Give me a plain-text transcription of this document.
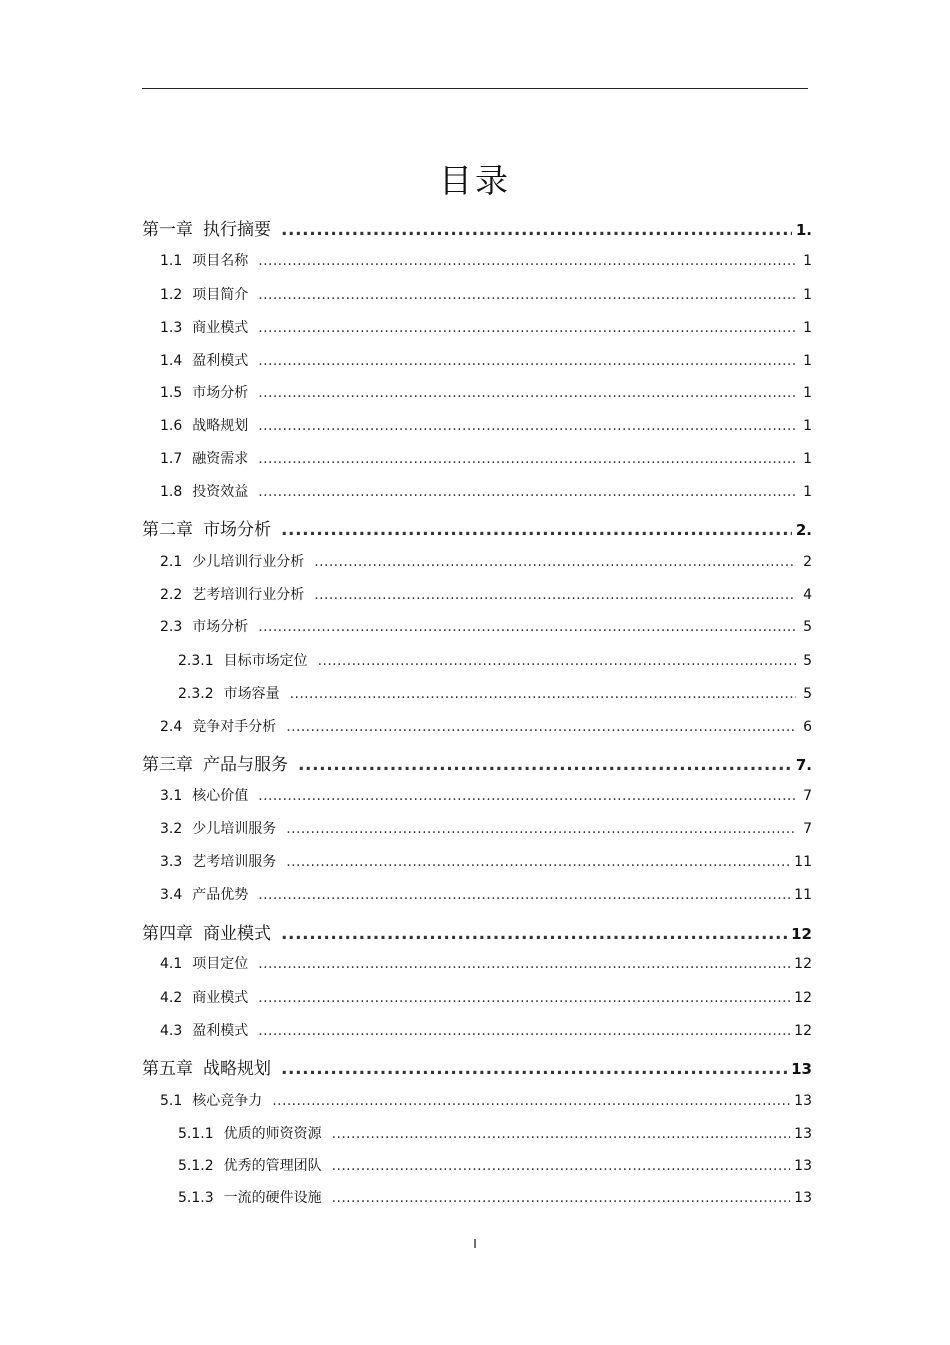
目录
第一章 执行摘要 .....	1.
1.1 项目名称 .....	1
1.2 项目简介 .....	1
1.3 商业模式 .....	1
1.4 盈利模式 .....	1
1.5 市场分析 .....	1
1.6 战略规划 .....	1
1.7 融资需求 .....	1
1.8 投资效益 .....	1
第二章 市场分析 .....	2.
2.1 少儿培训行业分析 .....	2
2.2 艺考培训行业分析 .....	4
2.3 市场分析 .....	5
2.3.1 目标市场定位 .....	5
2.3.2 市场容量 .....	5
2.4 竞争对手分析 .....	6
第三章 产品与服务 .....	7.
3.1 核心价值 .....	7
3.2 少儿培训服务 .....	7
3.3 艺考培训服务 .....	11
3.4 产品优势 .....	11
第四章 商业模式 .....	12
4.1 项目定位 .....	12
4.2 商业模式 .....	12
4.3 盈利模式 .....	12
第五章 战略规划 .....	13
5.1 核心竞争力 .....	13
5.1.1 优质的师资资源 .....	13
5.1.2 优秀的管理团队 .....	13
5.1.3 一流的硬件设施 .....	13
I
